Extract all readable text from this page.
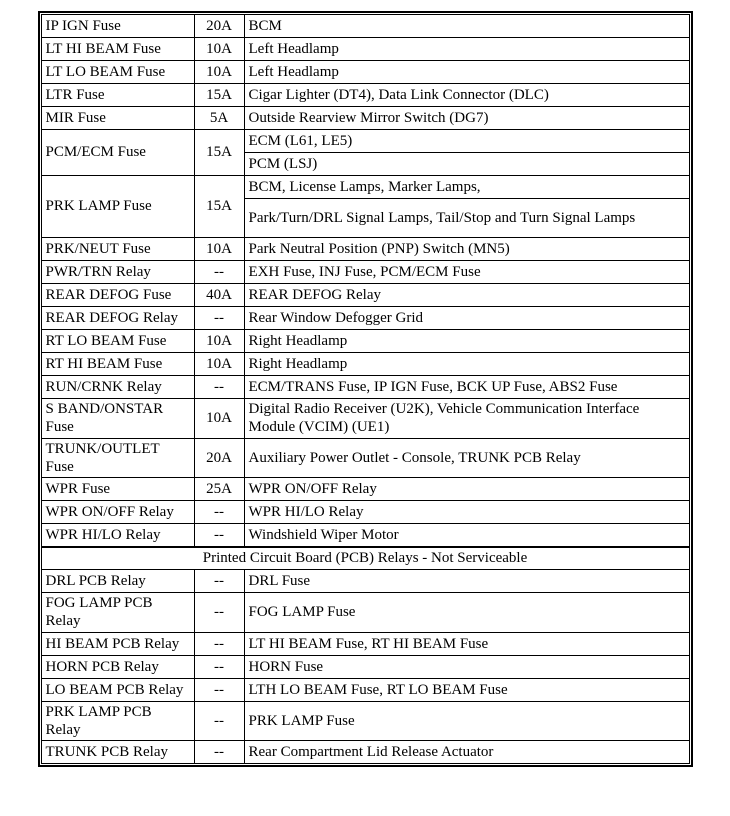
IP IGN Fuse	20A	BCM
LT HI BEAM Fuse	10A	Left Headlamp
LT LO BEAM Fuse	10A	Left Headlamp
LTR Fuse	15A	Cigar Lighter (DT4), Data Link Connector (DLC)
MIR Fuse	5A	Outside Rearview Mirror Switch (DG7)
PCM/ECM Fuse	15A	ECM (L61, LE5)
		PCM (LSJ)
PRK LAMP Fuse	15A	BCM, License Lamps, Marker Lamps,
		Park/Turn/DRL Signal Lamps, Tail/Stop and Turn Signal Lamps
PRK/NEUT Fuse	10A	Park Neutral Position (PNP) Switch (MN5)
PWR/TRN Relay	--	EXH Fuse, INJ Fuse, PCM/ECM Fuse
REAR DEFOG Fuse	40A	REAR DEFOG Relay
REAR DEFOG Relay	--	Rear Window Defogger Grid
RT LO BEAM Fuse	10A	Right Headlamp
RT HI BEAM Fuse	10A	Right Headlamp
RUN/CRNK Relay	--	ECM/TRANS Fuse, IP IGN Fuse, BCK UP Fuse, ABS2 Fuse
S BAND/ONSTAR Fuse	10A	Digital Radio Receiver (U2K), Vehicle Communication Interface Module (VCIM) (UE1)
TRUNK/OUTLET Fuse	20A	Auxiliary Power Outlet - Console, TRUNK PCB Relay
WPR Fuse	25A	WPR ON/OFF Relay
WPR ON/OFF Relay	--	WPR HI/LO Relay
WPR HI/LO Relay	--	Windshield Wiper Motor
Printed Circuit Board (PCB) Relays - Not Serviceable		
DRL PCB Relay	--	DRL Fuse
FOG LAMP PCB Relay	--	FOG LAMP Fuse
HI BEAM PCB Relay	--	LT HI BEAM Fuse, RT HI BEAM Fuse
HORN PCB Relay	--	HORN Fuse
LO BEAM PCB Relay	--	LTH LO BEAM Fuse, RT LO BEAM Fuse
PRK LAMP PCB Relay	--	PRK LAMP Fuse
TRUNK PCB Relay	--	Rear Compartment Lid Release Actuator
